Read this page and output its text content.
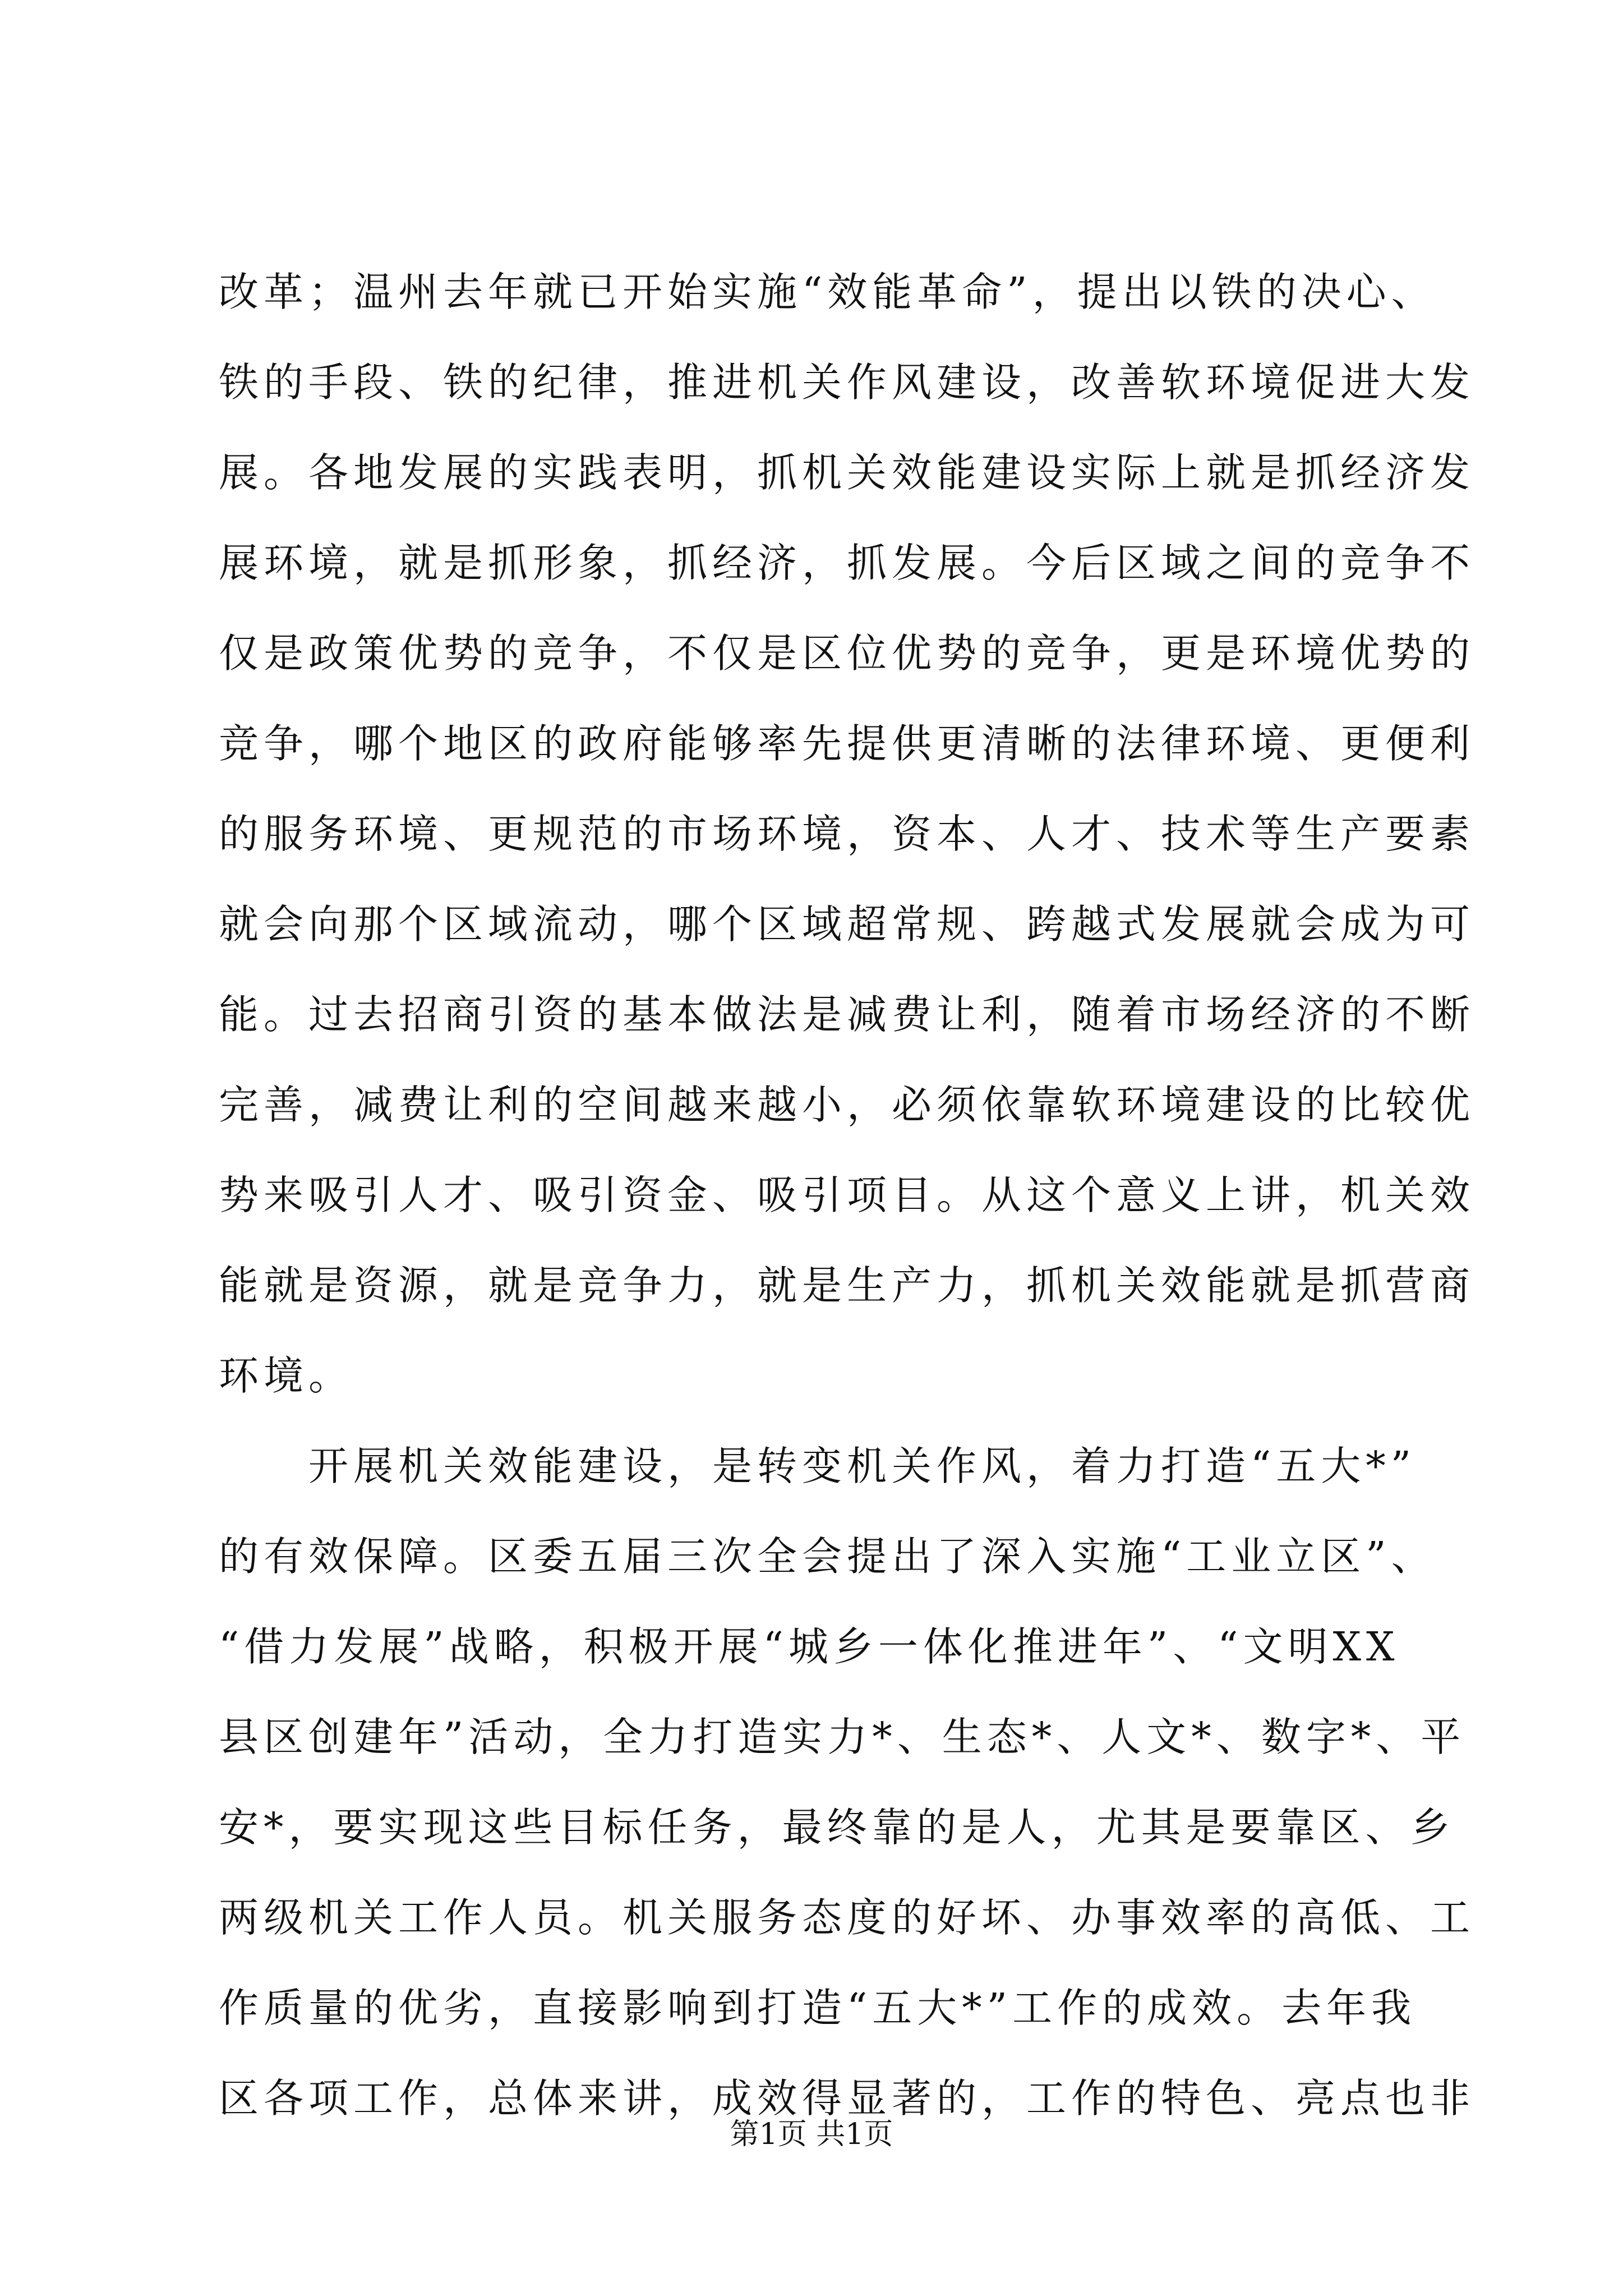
改革；温州去年就已开始实施“效能革命”，提出以铁的决心、
铁的手段、铁的纪律，推进机关作风建设，改善软环境促进大发
展。各地发展的实践表明，抓机关效能建设实际上就是抓经济发
展环境，就是抓形象，抓经济，抓发展。今后区域之间的竞争不
仅是政策优势的竞争，不仅是区位优势的竞争，更是环境优势的
竞争，哪个地区的政府能够率先提供更清晰的法律环境、更便利
的服务环境、更规范的市场环境，资本、人才、技术等生产要素
就会向那个区域流动，哪个区域超常规、跨越式发展就会成为可
能。过去招商引资的基本做法是减费让利，随着市场经济的不断
完善，减费让利的空间越来越小，必须依靠软环境建设的比较优
势来吸引人才、吸引资金、吸引项目。从这个意义上讲，机关效
能就是资源，就是竞争力，就是生产力，抓机关效能就是抓营商
环境。
　　开展机关效能建设，是转变机关作风，着力打造“五大*”
的有效保障。区委五届三次全会提出了深入实施“工业立区”、
“借力发展”战略，积极开展“城乡一体化推进年”、“文明XX
县区创建年”活动，全力打造实力*、生态*、人文*、数字*、平
安*，要实现这些目标任务，最终靠的是人，尤其是要靠区、乡
两级机关工作人员。机关服务态度的好坏、办事效率的高低、工
作质量的优劣，直接影响到打造“五大*”工作的成效。去年我
区各项工作，总体来讲，成效得显著的，工作的特色、亮点也非
第1页 共1页
